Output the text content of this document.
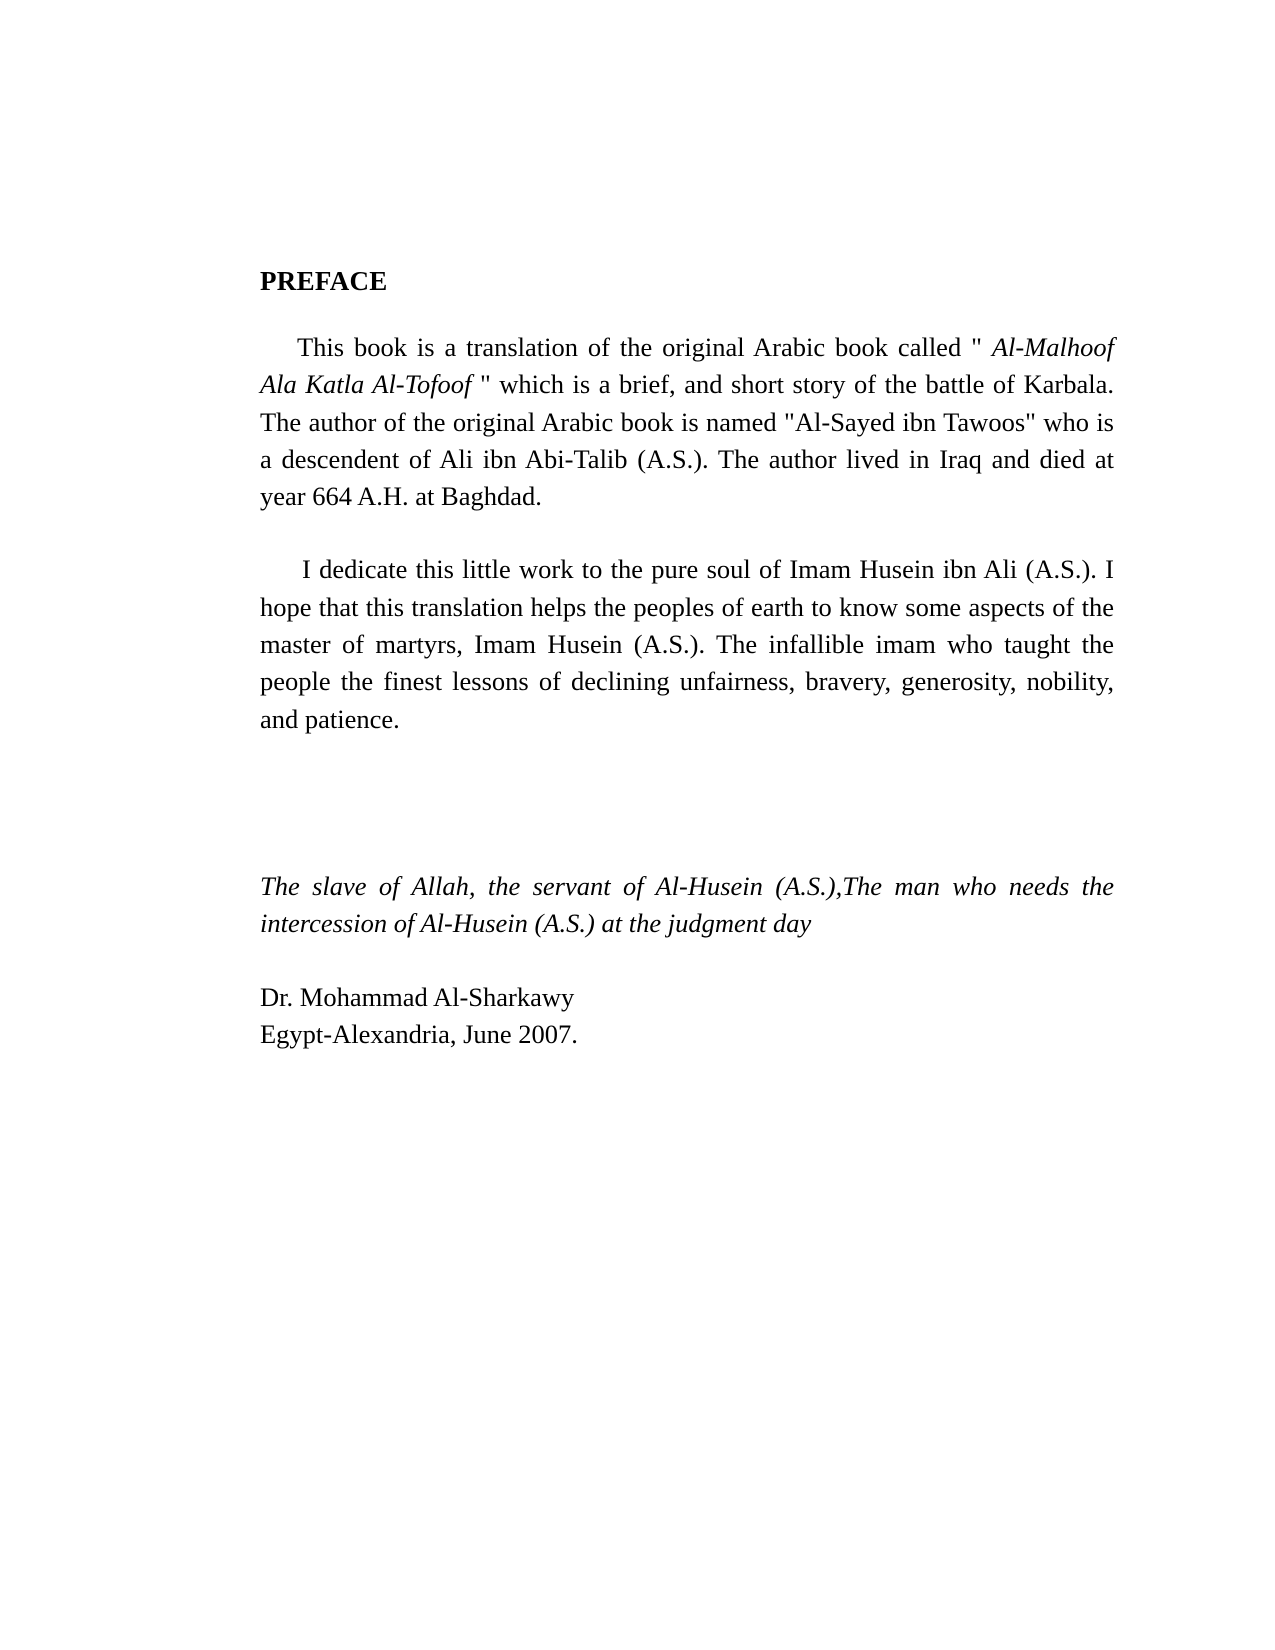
PREFACE

This book is a translation of the original Arabic book called " Al-Malhoof Ala Katla Al-Tofoof " which is a brief, and short story of the battle of Karbala. The author of the original Arabic book is named "Al-Sayed ibn Tawoos" who is a descendent of Ali ibn Abi-Talib (A.S.). The author lived in Iraq and died at year 664 A.H. at Baghdad.

I dedicate this little work to the pure soul of Imam Husein ibn Ali (A.S.). I hope that this translation helps the peoples of earth to know some aspects of the master of martyrs, Imam Husein (A.S.). The infallible imam who taught the people the finest lessons of declining unfairness, bravery, generosity, nobility, and patience.

The slave of Allah, the servant of Al-Husein (A.S.),The man who needs the intercession of Al-Husein (A.S.) at the judgment day

Dr. Mohammad Al-Sharkawy

Egypt-Alexandria, June 2007.
